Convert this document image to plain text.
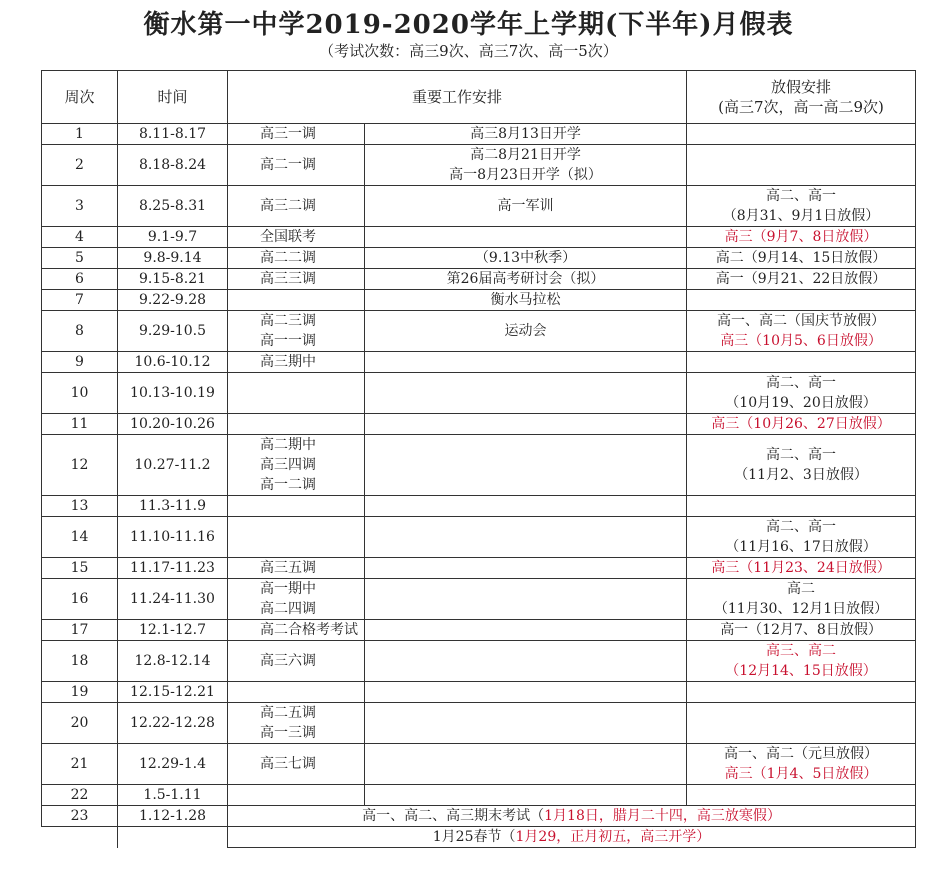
衡水第一中学2019-2020学年上学期(下半年)月假表
（考试次数：高三9次、高三7次、高一5次）
周次	时间	重要工作安排		放假安排
(高三7次，高一高二9次)

1	8.11-8.17	高三一调	高三8月13日开学	

2	8.18-8.24	高二一调	高二8月21日开学
高一8月23日开学（拟）	

3	8.25-8.31	高三二调	高一军训	高二、高一
（8月31、9月1日放假）

4	9.1-9.7	全国联考		高三（9月7、8日放假）

5	9.8-9.14	高二二调	（9.13中秋季）	高二（9月14、15日放假）

6	9.15-8.21	高三三调	第26届高考研讨会（拟）	高一（9月21、22日放假）

7	9.22-9.28		衡水马拉松	

8	9.29-10.5	高二三调
高一一调	运动会	高一、高二（国庆节放假）
高三（10月5、6日放假）

9	10.6-10.12	高三期中		

10	10.13-10.19			高二、高一
（10月19、20日放假）

11	10.20-10.26			高三（10月26、27日放假）

12	10.27-11.2	高二期中
高三四调
高一二调		高二、高一
（11月2、3日放假）

13	11.3-11.9			
14	11.10-11.16			高二、高一
（11月16、17日放假）

15	11.17-11.23	高三五调		高三（11月23、24日放假）

16	11.24-11.30	高一期中
高二四调		高二
（11月30、12月1日放假）

17	12.1-12.7	高二合格考考试		高一（12月7、8日放假）

18	12.8-12.14	高三六调		高三、高二
（12月14、15日放假）

19	12.15-12.21			
20	12.22-12.28	高二五调
高一三调		

21	12.29-1.4	高三七调		高一、高二（元旦放假）
高三（1月4、5日放假）

22	1.5-1.11			
23	1.12-1.28	高一、高二、高三期末考试（1月18日，腊月二十四，高三放寒假）		
		1月25春节（1月29，正月初五，高三开学）		
